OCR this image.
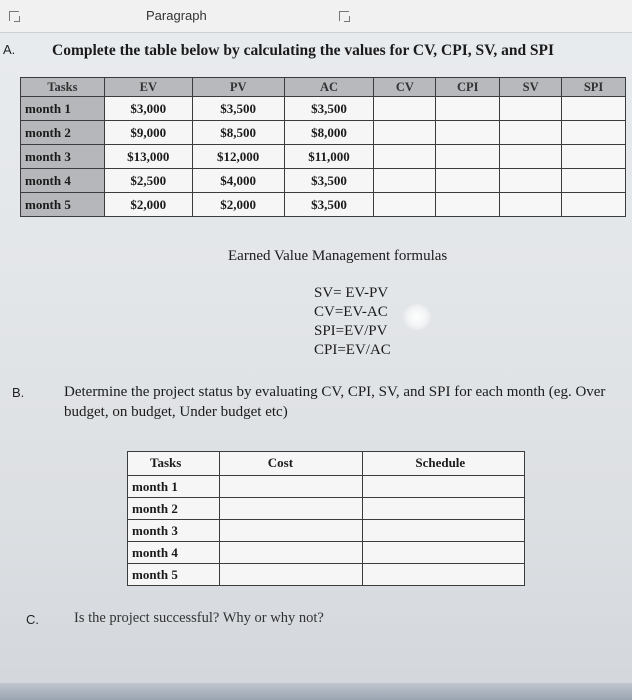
Paragraph
A. Complete the table below by calculating the values for CV, CPI, SV, and SPI
Tasks	EV	PV	AC	CV	CPI	SV	SPI
month 1	$3,000	$3,500	$3,500				
month 2	$9,000	$8,500	$8,000				
month 3	$13,000	$12,000	$11,000				
month 4	$2,500	$4,000	$3,500				
month 5	$2,000	$2,000	$3,500				
Earned Value Management formulas
SV= EV-PV
CV=EV-AC
SPI=EV/PV
CPI=EV/AC
B.	Determine the project status by evaluating CV, CPI, SV, and SPI for each month (eg. Over budget, on budget, Under budget etc)
Tasks	Cost	Schedule
month 1		
month 2		
month 3		
month 4		
month 5		
C. Is the project successful? Why or why not?
